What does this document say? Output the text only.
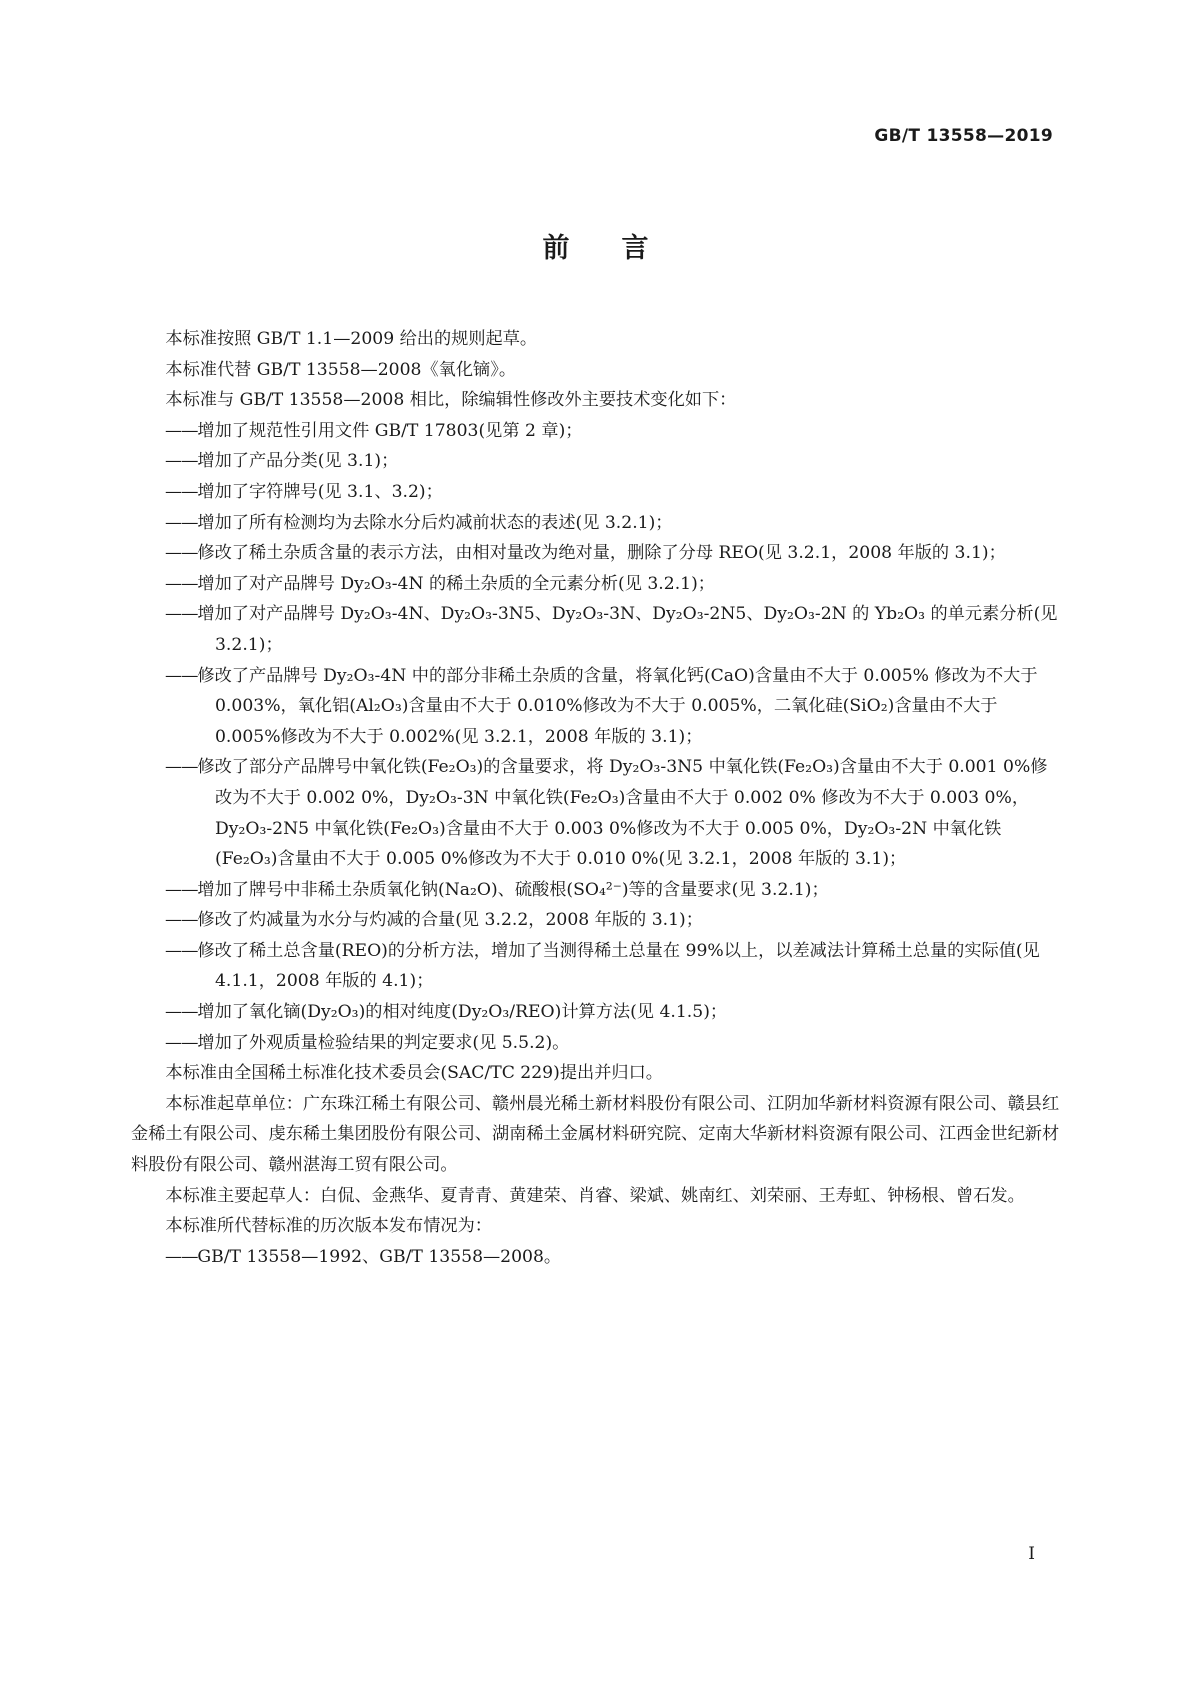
GB/T 13558—2019
前言

本标准按照 GB/T 1.1—2009 给出的规则起草。

本标准代替 GB/T 13558—2008《氧化镝》。

本标准与 GB/T 13558—2008 相比，除编辑性修改外主要技术变化如下：

——增加了规范性引用文件 GB/T 17803(见第 2 章)；

——增加了产品分类(见 3.1)；

——增加了字符牌号(见 3.1、3.2)；

——增加了所有检测均为去除水分后灼减前状态的表述(见 3.2.1)；

——修改了稀土杂质含量的表示方法，由相对量改为绝对量，删除了分母 REO(见 3.2.1，2008 年版的 3.1)；

——增加了对产品牌号 Dy₂O₃-4N 的稀土杂质的全元素分析(见 3.2.1)；

——增加了对产品牌号 Dy₂O₃-4N、Dy₂O₃-3N5、Dy₂O₃-3N、Dy₂O₃-2N5、Dy₂O₃-2N 的 Yb₂O₃ 的单元素分析(见 3.2.1)；

——修改了产品牌号 Dy₂O₃-4N 中的部分非稀土杂质的含量，将氧化钙(CaO)含量由不大于 0.005% 修改为不大于 0.003%，氧化铝(Al₂O₃)含量由不大于 0.010%修改为不大于 0.005%，二氧化硅(SiO₂)含量由不大于 0.005%修改为不大于 0.002%(见 3.2.1，2008 年版的 3.1)；

——修改了部分产品牌号中氧化铁(Fe₂O₃)的含量要求，将 Dy₂O₃-3N5 中氧化铁(Fe₂O₃)含量由不大于 0.001 0%修改为不大于 0.002 0%，Dy₂O₃-3N 中氧化铁(Fe₂O₃)含量由不大于 0.002 0% 修改为不大于 0.003 0%，Dy₂O₃-2N5 中氧化铁(Fe₂O₃)含量由不大于 0.003 0%修改为不大于 0.005 0%，Dy₂O₃-2N 中氧化铁(Fe₂O₃)含量由不大于 0.005 0%修改为不大于 0.010 0%(见 3.2.1，2008 年版的 3.1)；

——增加了牌号中非稀土杂质氧化钠(Na₂O)、硫酸根(SO₄²⁻)等的含量要求(见 3.2.1)；

——修改了灼减量为水分与灼减的合量(见 3.2.2，2008 年版的 3.1)；

——修改了稀土总含量(REO)的分析方法，增加了当测得稀土总量在 99%以上，以差减法计算稀土总量的实际值(见 4.1.1，2008 年版的 4.1)；

——增加了氧化镝(Dy₂O₃)的相对纯度(Dy₂O₃/REO)计算方法(见 4.1.5)；

——增加了外观质量检验结果的判定要求(见 5.5.2)。

本标准由全国稀土标准化技术委员会(SAC/TC 229)提出并归口。

本标准起草单位：广东珠江稀土有限公司、赣州晨光稀土新材料股份有限公司、江阴加华新材料资源有限公司、赣县红金稀土有限公司、虔东稀土集团股份有限公司、湖南稀土金属材料研究院、定南大华新材料资源有限公司、江西金世纪新材料股份有限公司、赣州湛海工贸有限公司。

本标准主要起草人：白侃、金燕华、夏青青、黄建荣、肖睿、梁斌、姚南红、刘荣丽、王寿虹、钟杨根、曾石发。

本标准所代替标准的历次版本发布情况为：

——GB/T 13558—1992、GB/T 13558—2008。

I
